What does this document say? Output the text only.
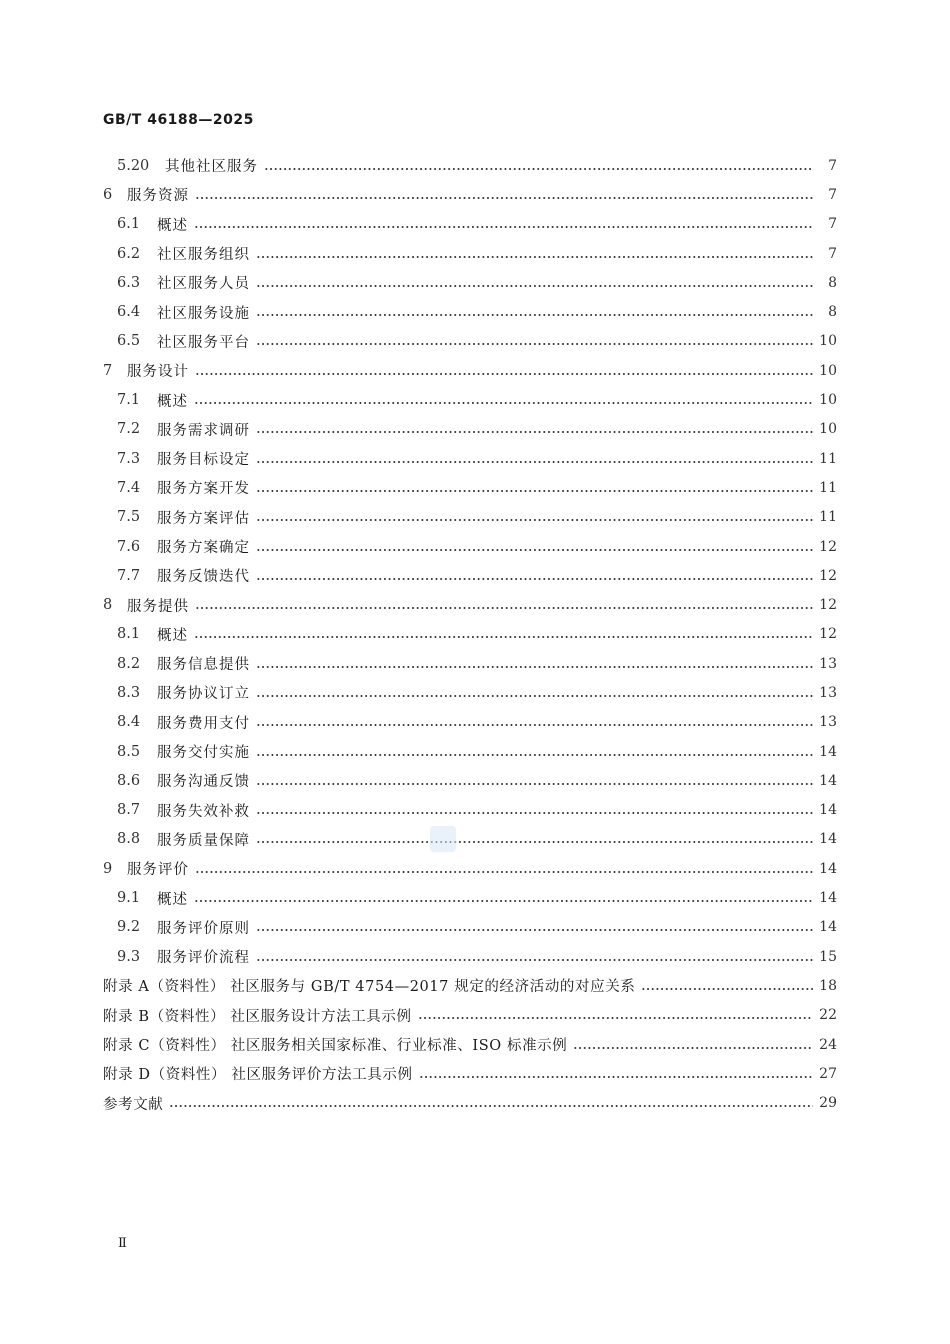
GB/T 46188—2025
5.20	其他社区服务	7
6	服务资源	7
6.1	概述	7
6.2	社区服务组织	7
6.3	社区服务人员	8
6.4	社区服务设施	8
6.5	社区服务平台	10
7	服务设计	10
7.1	概述	10
7.2	服务需求调研	10
7.3	服务目标设定	11
7.4	服务方案开发	11
7.5	服务方案评估	11
7.6	服务方案确定	12
7.7	服务反馈迭代	12
8	服务提供	12
8.1	概述	12
8.2	服务信息提供	13
8.3	服务协议订立	13
8.4	服务费用支付	13
8.5	服务交付实施	14
8.6	服务沟通反馈	14
8.7	服务失效补救	14
8.8	服务质量保障	14
9	服务评价	14
9.1	概述	14
9.2	服务评价原则	14
9.3	服务评价流程	15
附录 A（资料性） 社区服务与 GB/T 4754—2017 规定的经济活动的对应关系	18
附录 B（资料性） 社区服务设计方法工具示例	22
附录 C（资料性） 社区服务相关国家标准、行业标准、ISO 标准示例	24
附录 D（资料性） 社区服务评价方法工具示例	27
参考文献	29
Ⅱ
